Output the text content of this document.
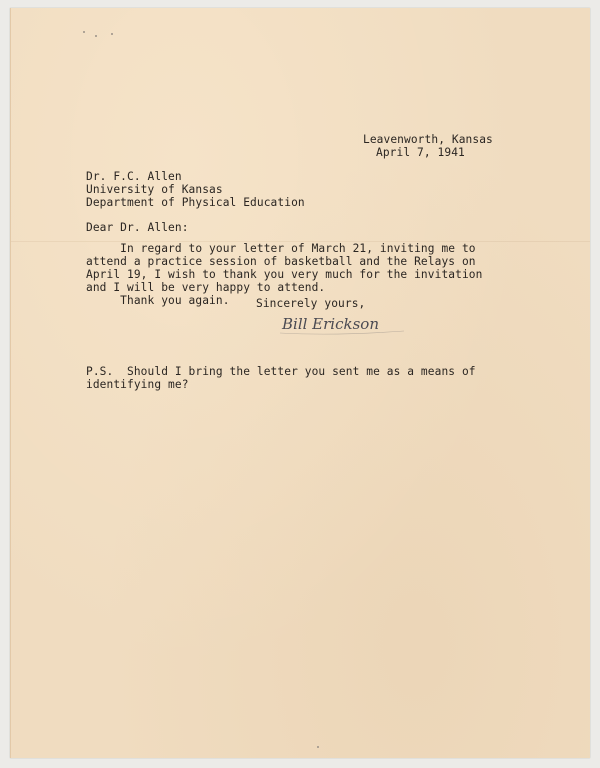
Leavenworth, Kansas
April 7, 1941
Dr. F.C. Allen
University of Kansas
Department of Physical Education
Dear Dr. Allen:
In regard to your letter of March 21, inviting me to
attend a practice session of basketball and the Relays on
April 19, I wish to thank you very much for the invitation
and I will be very happy to attend.
Thank you again. Sincerely yours,
Bill Erickson
P.S.  Should I bring the letter you sent me as a means of
identifying me?
